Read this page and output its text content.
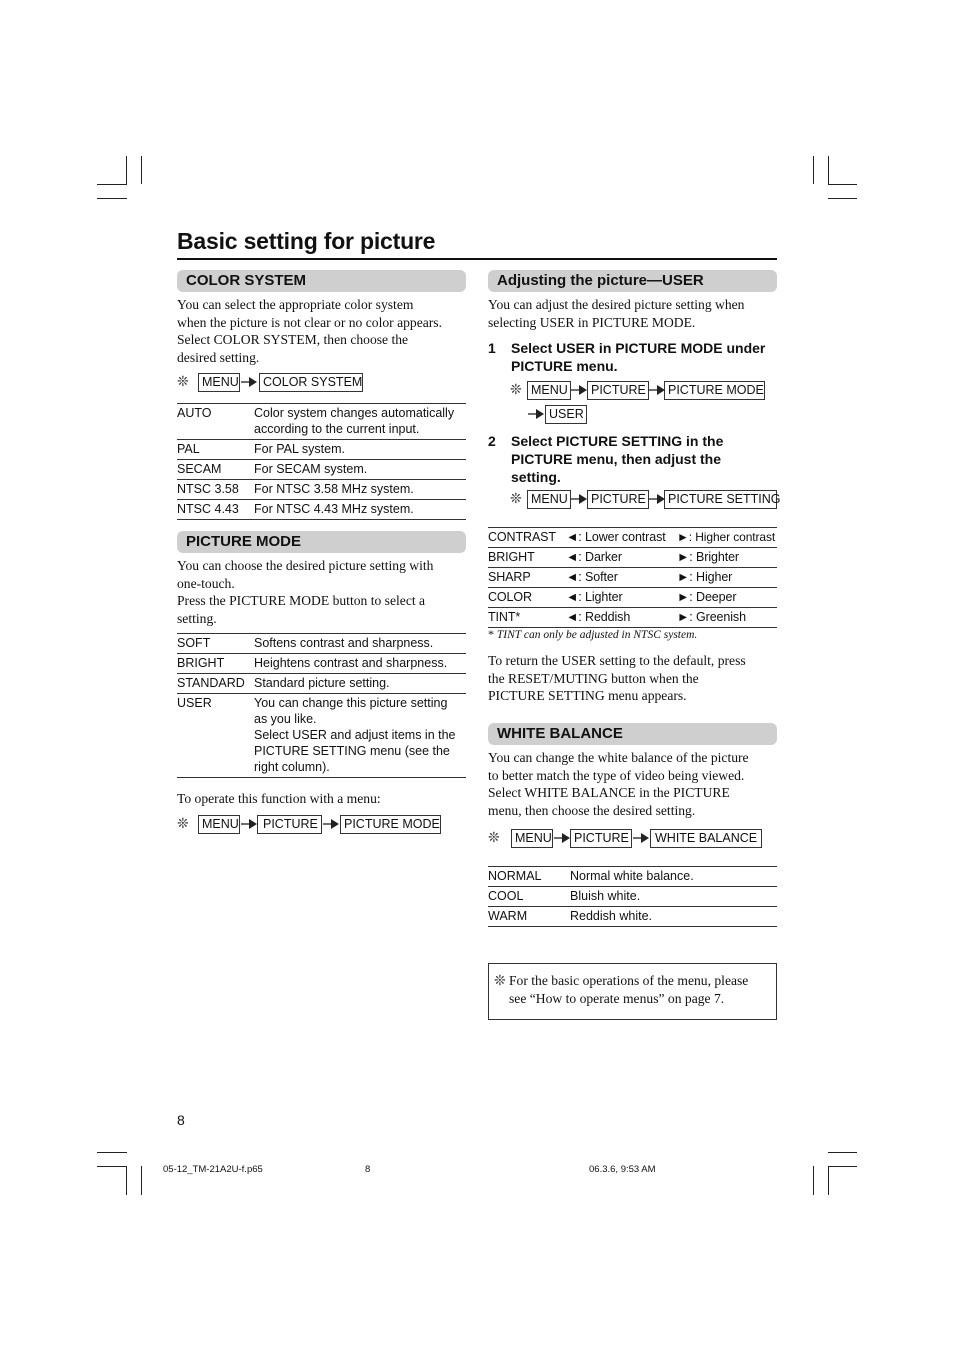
Basic setting for picture
COLOR SYSTEM
You can select the appropriate color system
when the picture is not clear or no color appears.
Select COLOR SYSTEM, then choose the
desired setting.
❊	MENU	COLOR SYSTEM
AUTO	Color system changes automatically
according to the current input.

PAL	For PAL system.
SECAM	For SECAM system.
NTSC 3.58	For NTSC 3.58 MHz system.
NTSC 4.43	For NTSC 4.43 MHz system.
PICTURE MODE
You can choose the desired picture setting with
one-touch.
Press the PICTURE MODE button to select a
setting.
SOFT	Softens contrast and sharpness.
BRIGHT	Heightens contrast and sharpness.
STANDARD	Standard picture setting.
USER	You can change this picture setting
as you like.
Select USER and adjust items in the
PICTURE SETTING menu (see the
right column).
To operate this function with a menu:
❊	MENU	PICTURE	PICTURE MODE
8
Adjusting the picture—USER
You can adjust the desired picture setting when
selecting USER in PICTURE MODE.
1 Select USER in PICTURE MODE under
PICTURE menu.
❊ MENU	PICTURE	PICTURE MODE
USER
2 Select PICTURE SETTING in the
PICTURE menu, then adjust the
setting.
❊ MENU	PICTURE	PICTURE SETTING
CONTRAST	◄: Lower contrast	►: Higher contrast
BRIGHT	◄: Darker	►: Brighter
SHARP	◄: Softer	►: Higher
COLOR	◄: Lighter	►: Deeper
TINT*	◄: Reddish	►: Greenish
* TINT can only be adjusted in NTSC system.
To return the USER setting to the default, press
the RESET/MUTING button when the
PICTURE SETTING menu appears.
WHITE BALANCE
You can change the white balance of the picture
to better match the type of video being viewed.
Select WHITE BALANCE in the PICTURE
menu, then choose the desired setting.
❊	MENU	PICTURE	WHITE BALANCE
NORMAL	Normal white balance.
COOL	Bluish white.
WARM	Reddish white.
❊ For the basic operations of the menu, please
see “How to operate menus” on page 7.
05-12_TM-21A2U-f.p65	8	06.3.6, 9:53 AM
